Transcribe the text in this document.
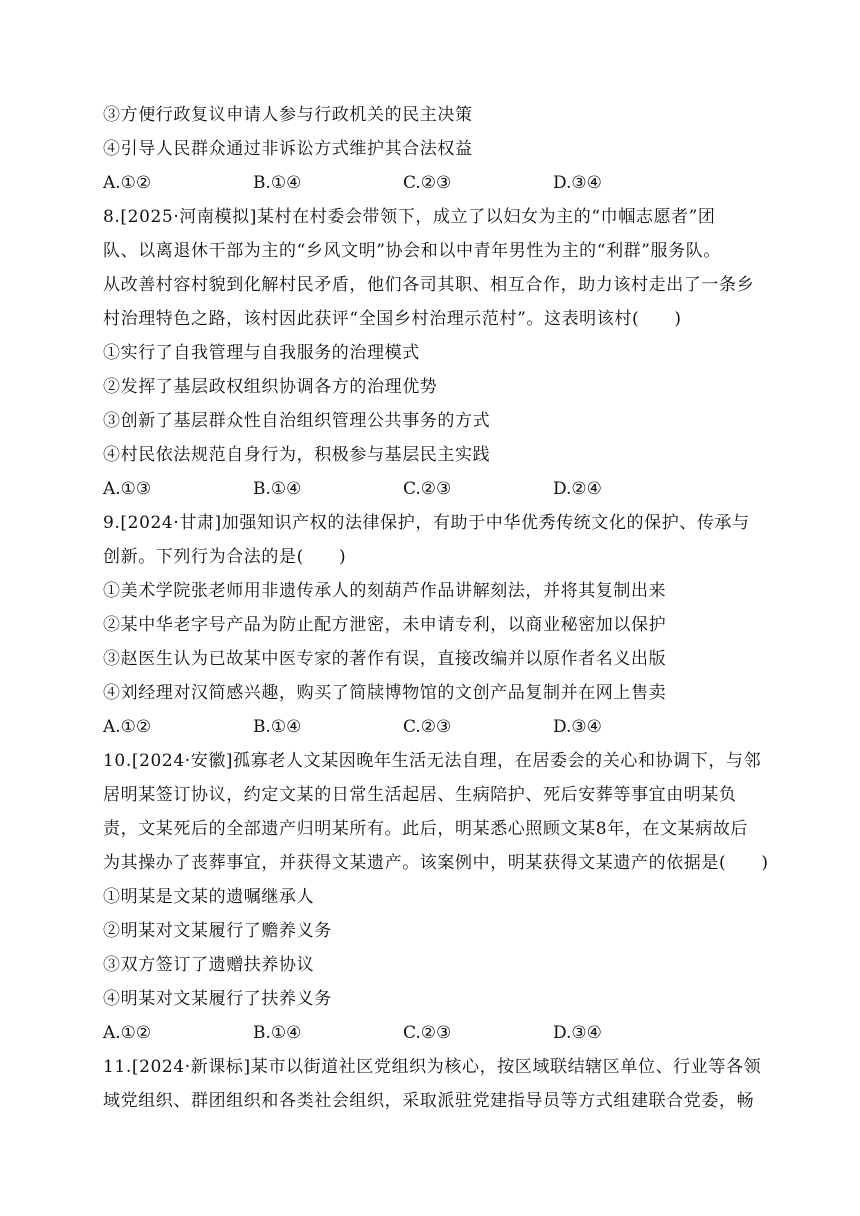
③方便行政复议申请人参与行政机关的民主决策
④引导人民群众通过非诉讼方式维护其合法权益
A.①②	B.①④	C.②③	D.③④
8.[2025·河南模拟]某村在村委会带领下，成立了以妇女为主的“巾帼志愿者”团
队、以离退休干部为主的“乡风文明”协会和以中青年男性为主的“利群”服务队。
从改善村容村貌到化解村民矛盾，他们各司其职、相互合作，助力该村走出了一条乡
村治理特色之路，该村因此获评“全国乡村治理示范村”。这表明该村(　　)
①实行了自我管理与自我服务的治理模式
②发挥了基层政权组织协调各方的治理优势
③创新了基层群众性自治组织管理公共事务的方式
④村民依法规范自身行为，积极参与基层民主实践
A.①③	B.①④	C.②③	D.②④
9.[2024·甘肃]加强知识产权的法律保护，有助于中华优秀传统文化的保护、传承与
创新。下列行为合法的是(　　)
①美术学院张老师用非遗传承人的刻葫芦作品讲解刻法，并将其复制出来
②某中华老字号产品为防止配方泄密，未申请专利，以商业秘密加以保护
③赵医生认为已故某中医专家的著作有误，直接改编并以原作者名义出版
④刘经理对汉简感兴趣，购买了简牍博物馆的文创产品复制并在网上售卖
A.①②	B.①④	C.②③	D.③④
10.[2024·安徽]孤寡老人文某因晚年生活无法自理，在居委会的关心和协调下，与邻
居明某签订协议，约定文某的日常生活起居、生病陪护、死后安葬等事宜由明某负
责，文某死后的全部遗产归明某所有。此后，明某悉心照顾文某8年，在文某病故后
为其操办了丧葬事宜，并获得文某遗产。该案例中，明某获得文某遗产的依据是(　　)
①明某是文某的遗嘱继承人
②明某对文某履行了赡养义务
③双方签订了遗赠扶养协议
④明某对文某履行了扶养义务
A.①②	B.①④	C.②③	D.③④
11.[2024·新课标]某市以街道社区党组织为核心，按区域联结辖区单位、行业等各领
域党组织、群团组织和各类社会组织，采取派驻党建指导员等方式组建联合党委，畅
